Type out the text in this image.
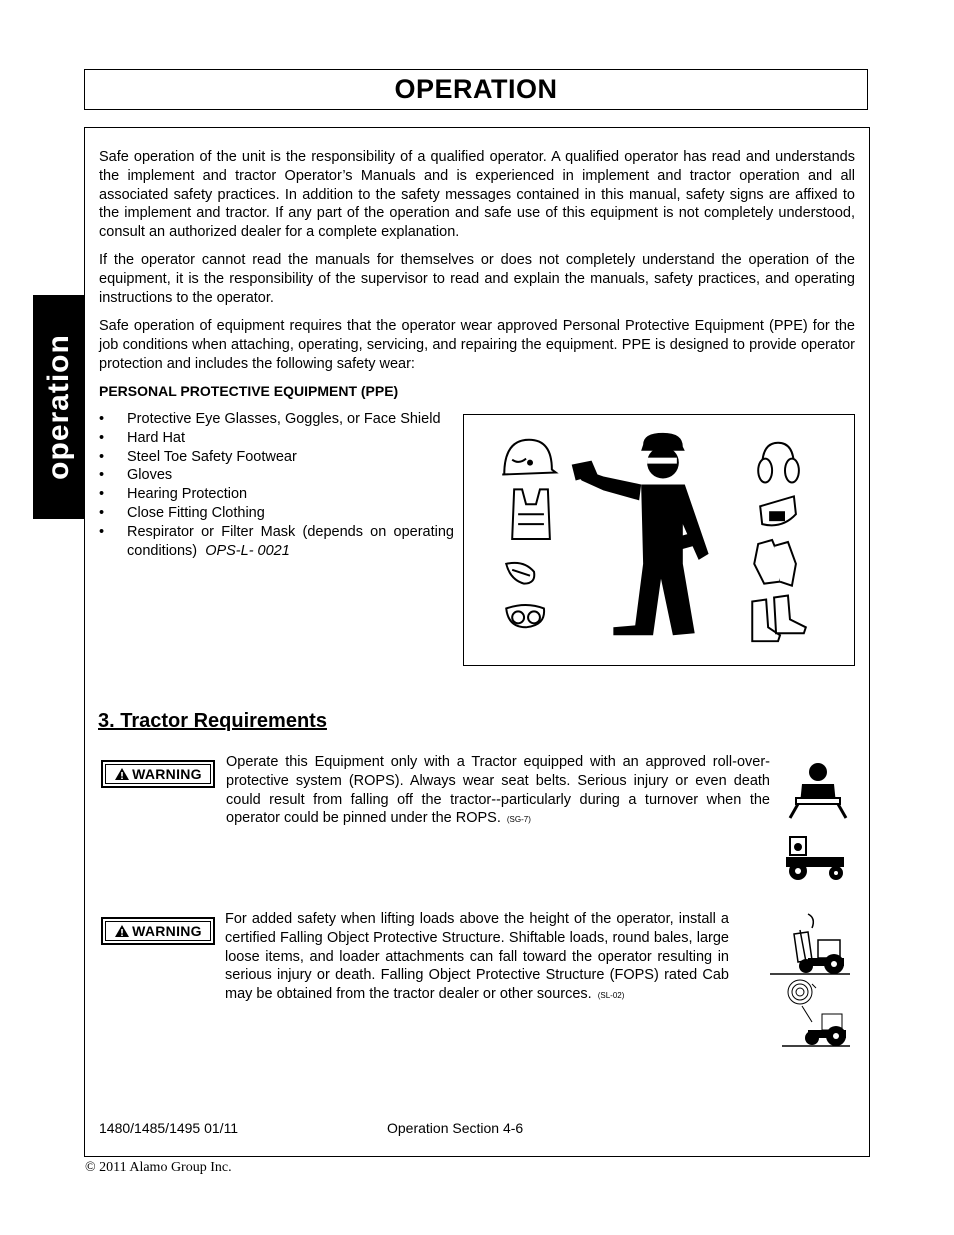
OPERATION
operation

Safe operation of the unit is the responsibility of a qualified operator. A qualified operator has read and understands the implement and tractor Operator’s Manuals and is experienced in implement and tractor operation and all associated safety practices. In addition to the safety messages contained in this manual, safety signs are affixed to the implement and tractor. If any part of the operation and safe use of this equipment is not completely understood, consult an authorized dealer for a complete explanation.

If the operator cannot read the manuals for themselves or does not completely understand the operation of the equipment, it is the responsibility of the supervisor to read and explain the manuals, safety practices, and operating instructions to the operator.

Safe operation of equipment requires that the operator wear approved Personal Protective Equipment (PPE) for the job conditions when attaching, operating, servicing, and repairing the equipment. PPE is designed to provide operator protection and includes the following safety wear:

PERSONAL PROTECTIVE EQUIPMENT (PPE)
• Protective Eye Glasses, Goggles, or Face Shield
• Hard Hat
• Steel Toe Safety Footwear
• Gloves
• Hearing Protection
• Close Fitting Clothing
• Respirator or Filter Mask (depends on operating conditions) OPS-L- 0021
3. Tractor Requirements
WARNING

Operate this Equipment only with a Tractor equipped with an approved roll-over-protective system (ROPS). Always wear seat belts. Serious injury or even death could result from falling off the tractor--particularly during a turnover when the operator could be pinned under the ROPS. (SG-7)

WARNING

For added safety when lifting loads above the height of the operator, install a certified Falling Object Protective Structure. Shiftable loads, round bales, large loose items, and loader attachments can fall toward the operator resulting in serious injury or death. Falling Object Protective Structure (FOPS) rated Cab may be obtained from the tractor dealer or other sources. (SL-02)

1480/1485/1495 01/11	Operation Section 4-6
© 2011 Alamo Group Inc.
